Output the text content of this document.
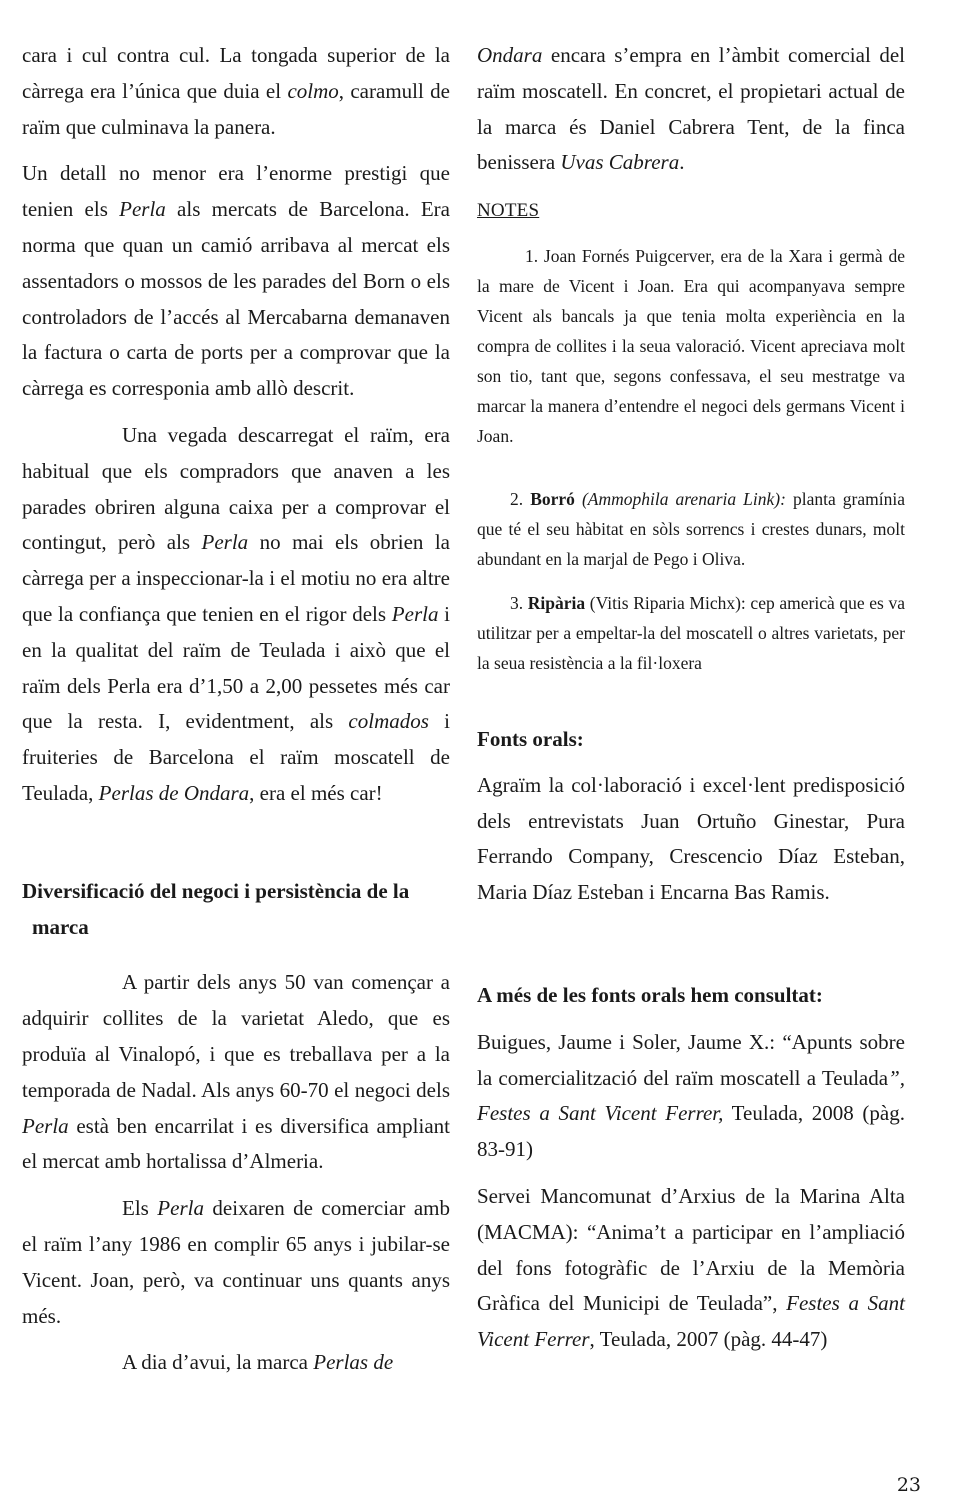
cara i cul contra cul. La tongada superior de la càrrega era l’única que duia el colmo, caramull de raïm que culminava la panera.

Un detall no menor era l’enorme prestigi que tenien els Perla als mercats de Barcelona. Era norma que quan un camió arribava al mercat els assentadors o mossos de les parades del Born o els controladors de l’accés al Mercabarna demanaven la factura o carta de ports per a comprovar que la càrrega es corresponia amb allò descrit.

Una vegada descarregat el raïm, era habitual que els compradors que anaven a les parades obriren alguna caixa per a comprovar el contingut, però als Perla no mai els obrien la càrrega per a inspeccionar-la i el motiu no era altre que la confiança que tenien en el rigor dels Perla i en la qualitat del raïm de Teulada i això que el raïm dels Perla era d’1,50 a 2,00 pessetes més car que la resta. I, evidentment, als colmados i fruiteries de Barcelona el raïm moscatell de Teulada, Perlas de Ondara, era el més car!

Diversificació del negoci i persistència de la
marca

A partir dels anys 50 van començar a adquirir collites de la varietat Aledo, que es produïa al Vinalopó, i que es treballava per a la temporada de Nadal. Als anys 60-70 el negoci dels Perla està ben encarrilat i es diversifica ampliant el mercat amb hortalissa d’Almeria.

Els Perla deixaren de comerciar amb el raïm l’any 1986 en complir 65 anys i jubilar-se Vicent. Joan, però, va continuar uns quants anys més.

A dia d’avui, la marca Perlas de

Ondara encara s’empra en l’àmbit comercial del raïm moscatell. En concret, el propietari actual de la marca és Daniel Cabrera Tent, de la finca benissera Uvas Cabrera.

NOTES

1. Joan Fornés Puigcerver, era de la Xara i germà de la mare de Vicent i Joan. Era qui acompanyava sempre Vicent als bancals ja que tenia molta experiència en la compra de collites i la seua valoració. Vicent apreciava molt son tio, tant que, segons confessava, el seu mestratge va marcar la manera d’entendre el negoci dels germans Vicent i Joan.

2. Borró (Ammophila arenaria Link): planta gramínia que té el seu hàbitat en sòls sorrencs i crestes dunars, molt abundant en la marjal de Pego i Oliva.

3. Ripària (Vitis Riparia Michx): cep americà que es va utilitzar per a empeltar-la del moscatell o altres varietats, per la seua resistència a la fil·loxera

Fonts orals:

Agraïm la col·laboració i excel·lent predisposició dels entrevistats Juan Ortuño Ginestar, Pura Ferrando Company, Crescencio Díaz Esteban, Maria Díaz Esteban i Encarna Bas Ramis.

A més de les fonts orals hem consultat:

Buigues, Jaume i Soler, Jaume X.: “Apunts sobre la comercialització del raïm moscatell a Teulada”, Festes a Sant Vicent Ferrer, Teulada, 2008 (pàg. 83-91)

Servei Mancomunat d’Arxius de la Marina Alta (MACMA): “Anima’t a participar en l’ampliació del fons fotogràfic de l’Arxiu de la Memòria Gràfica del Municipi de Teulada”, Festes a Sant Vicent Ferrer, Teulada, 2007 (pàg. 44-47)

23
